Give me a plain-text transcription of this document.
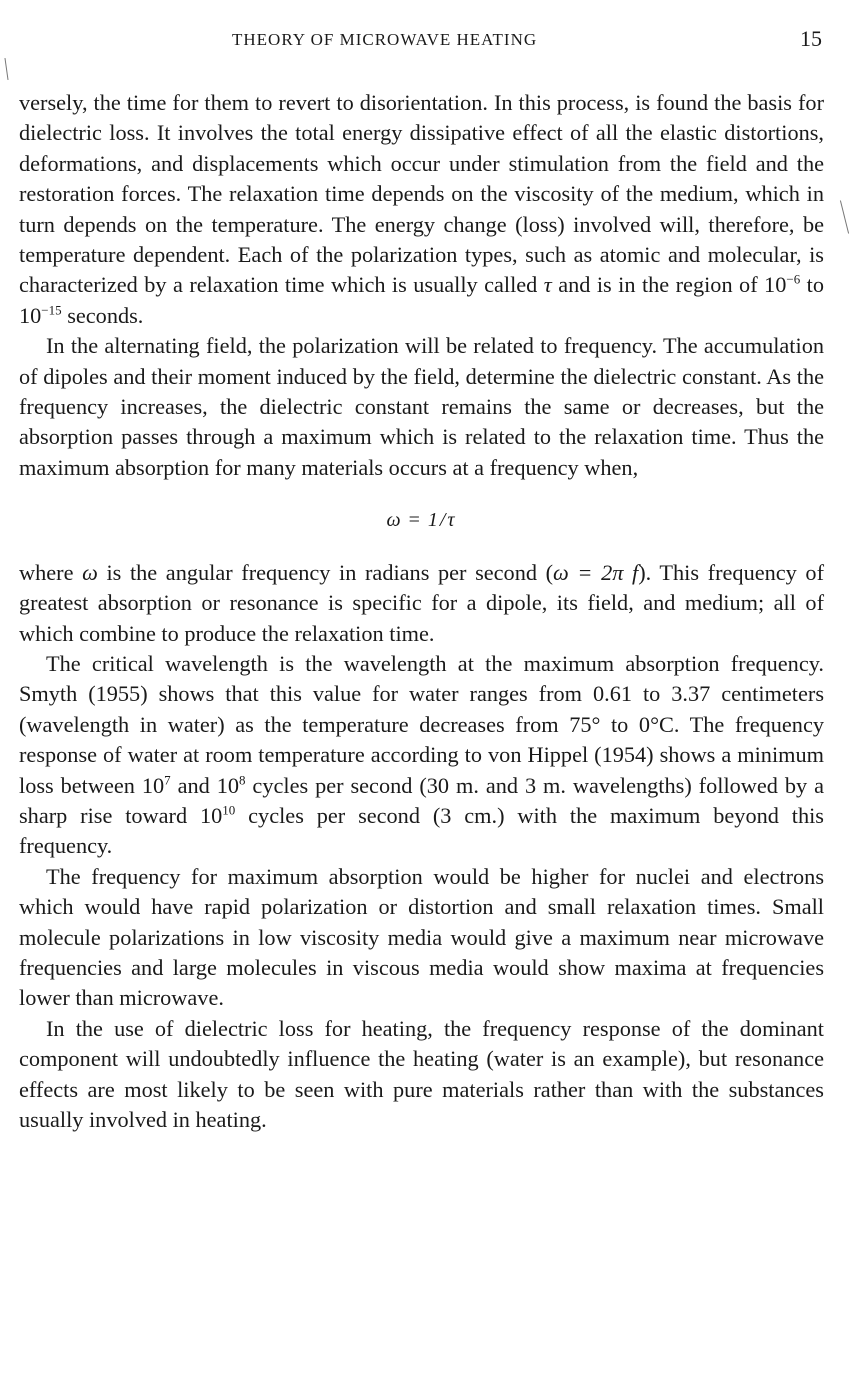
THEORY OF MICROWAVE HEATING	15

versely, the time for them to revert to disorientation. In this process, is found the basis for dielectric loss. It involves the total energy dissipative effect of all the elastic distortions, deformations, and displacements which occur under stimulation from the field and the restoration forces. The relaxation time depends on the viscosity of the medium, which in turn depends on the temperature. The energy change (loss) involved will, therefore, be temperature dependent. Each of the polarization types, such as atomic and molecular, is characterized by a relaxation time which is usually called τ and is in the region of $10^{-6}$ to $10^{-15}$ seconds.

In the alternating field, the polarization will be related to frequency. The accumulation of dipoles and their moment induced by the field, determine the dielectric constant. As the frequency increases, the dielectric constant remains the same or decreases, but the absorption passes through a maximum which is related to the relaxation time. Thus the maximum absorption for many materials occurs at a frequency when,

ω = 1/τ

where ω is the angular frequency in radians per second (ω = 2π f). This frequency of greatest absorption or resonance is specific for a dipole, its field, and medium; all of which combine to produce the relaxation time.

The critical wavelength is the wavelength at the maximum absorption frequency. Smyth (1955) shows that this value for water ranges from 0.61 to 3.37 centimeters (wavelength in water) as the temperature decreases from 75° to 0°C. The frequency response of water at room temperature according to von Hippel (1954) shows a minimum loss between $10^7$ and $10^8$ cycles per second (30 m. and 3 m. wavelengths) followed by a sharp rise toward $10^{10}$ cycles per second (3 cm.) with the maximum beyond this frequency.

The frequency for maximum absorption would be higher for nuclei and electrons which would have rapid polarization or distortion and small relaxation times. Small molecule polarizations in low viscosity media would give a maximum near microwave frequencies and large molecules in viscous media would show maxima at frequencies lower than microwave.

In the use of dielectric loss for heating, the frequency response of the dominant component will undoubtedly influence the heating (water is an example), but resonance effects are most likely to be seen with pure materials rather than with the substances usually involved in heating.
